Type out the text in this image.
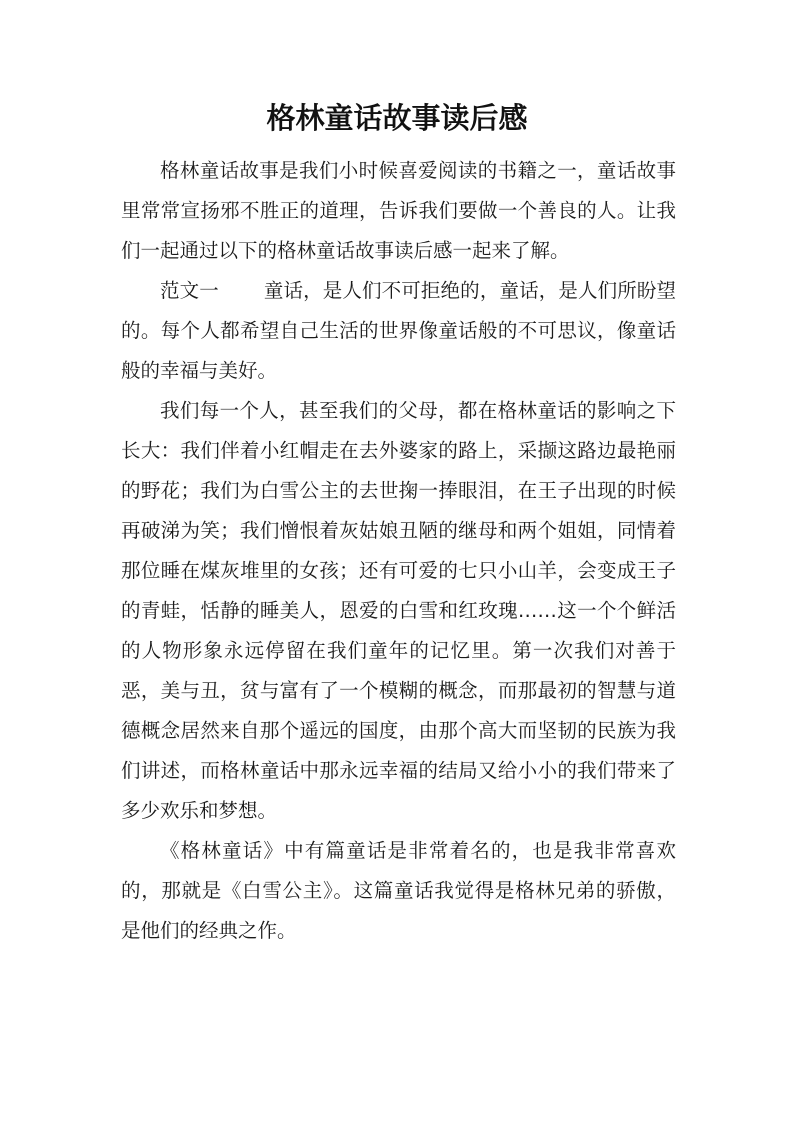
格林童话故事读后感

格林童话故事是我们小时候喜爱阅读的书籍之一，童话故事里常常宣扬邪不胜正的道理，告诉我们要做一个善良的人。让我们一起通过以下的格林童话故事读后感一起来了解。

范文一 童话，是人们不可拒绝的，童话，是人们所盼望的。每个人都希望自己生活的世界像童话般的不可思议，像童话般的幸福与美好。

我们每一个人，甚至我们的父母，都在格林童话的影响之下长大：我们伴着小红帽走在去外婆家的路上，采撷这路边最艳丽的野花；我们为白雪公主的去世掬一捧眼泪，在王子出现的时候再破涕为笑；我们憎恨着灰姑娘丑陋的继母和两个姐姐，同情着那位睡在煤灰堆里的女孩；还有可爱的七只小山羊，会变成王子的青蛙，恬静的睡美人，恩爱的白雪和红玫瑰……这一个个鲜活的人物形象永远停留在我们童年的记忆里。第一次我们对善于恶，美与丑，贫与富有了一个模糊的概念，而那最初的智慧与道德概念居然来自那个遥远的国度，由那个高大而坚韧的民族为我们讲述，而格林童话中那永远幸福的结局又给小小的我们带来了多少欢乐和梦想。

《格林童话》中有篇童话是非常着名的，也是我非常喜欢的，那就是《白雪公主》。这篇童话我觉得是格林兄弟的骄傲，是他们的经典之作。
